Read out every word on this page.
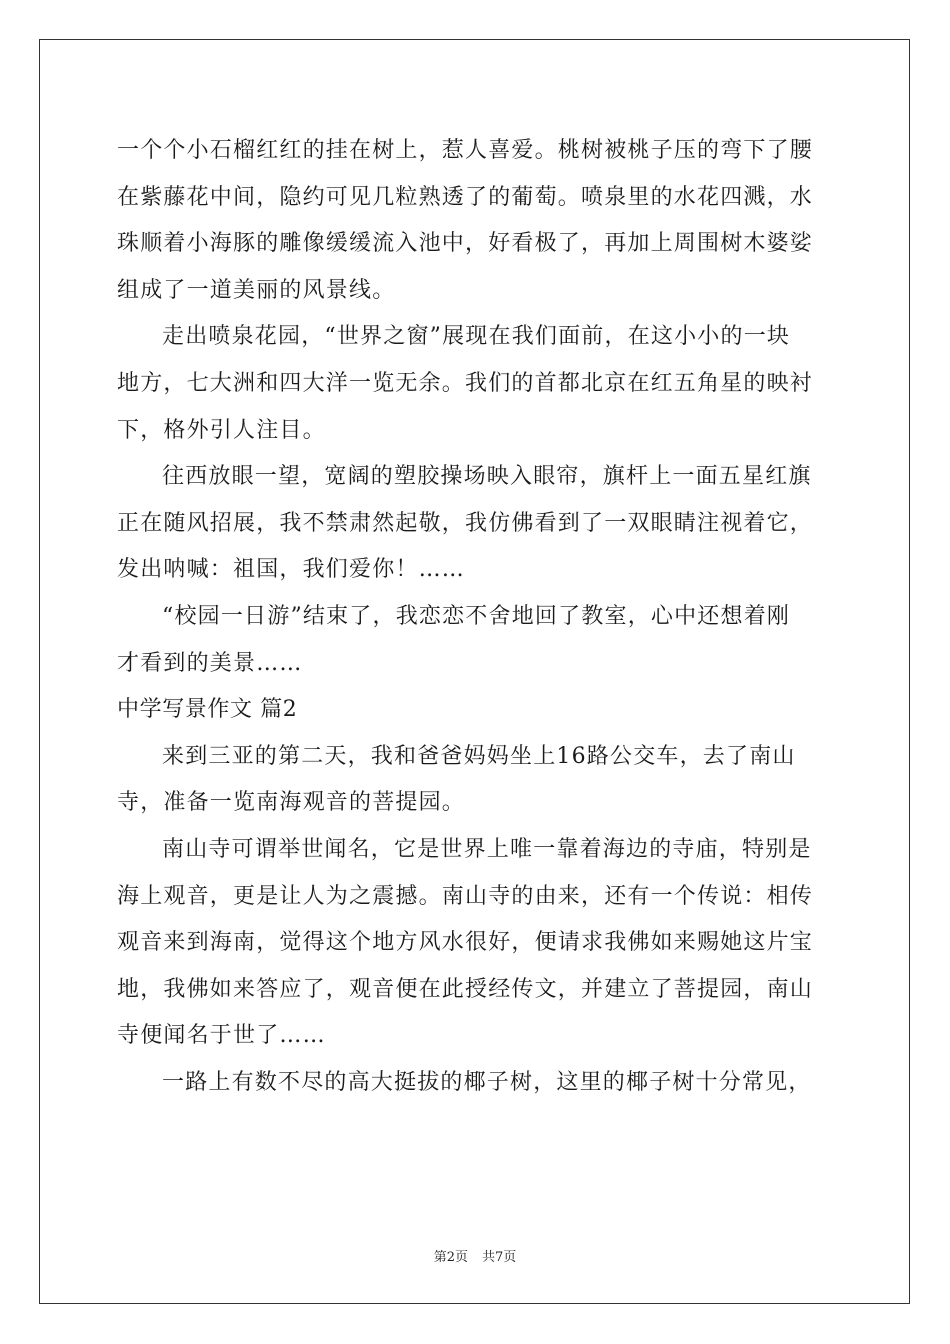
一个个小石榴红红的挂在树上，惹人喜爱。桃树被桃子压的弯下了腰
在紫藤花中间，隐约可见几粒熟透了的葡萄。喷泉里的水花四溅，水
珠顺着小海豚的雕像缓缓流入池中，好看极了，再加上周围树木婆娑
组成了一道美丽的风景线。
走出喷泉花园，“世界之窗”展现在我们面前，在这小小的一块
地方，七大洲和四大洋一览无余。我们的首都北京在红五角星的映衬
下，格外引人注目。
往西放眼一望，宽阔的塑胶操场映入眼帘，旗杆上一面五星红旗
正在随风招展，我不禁肃然起敬，我仿佛看到了一双眼睛注视着它，
发出呐喊：祖国，我们爱你！……
“校园一日游”结束了，我恋恋不舍地回了教室，心中还想着刚
才看到的美景……
中学写景作文 篇2
来到三亚的第二天，我和爸爸妈妈坐上16路公交车，去了南山
寺，准备一览南海观音的菩提园。
南山寺可谓举世闻名，它是世界上唯一靠着海边的寺庙，特别是
海上观音，更是让人为之震撼。南山寺的由来，还有一个传说：相传
观音来到海南，觉得这个地方风水很好，便请求我佛如来赐她这片宝
地，我佛如来答应了，观音便在此授经传文，并建立了菩提园，南山
寺便闻名于世了……
一路上有数不尽的高大挺拔的椰子树，这里的椰子树十分常见，
第2页 共7页
